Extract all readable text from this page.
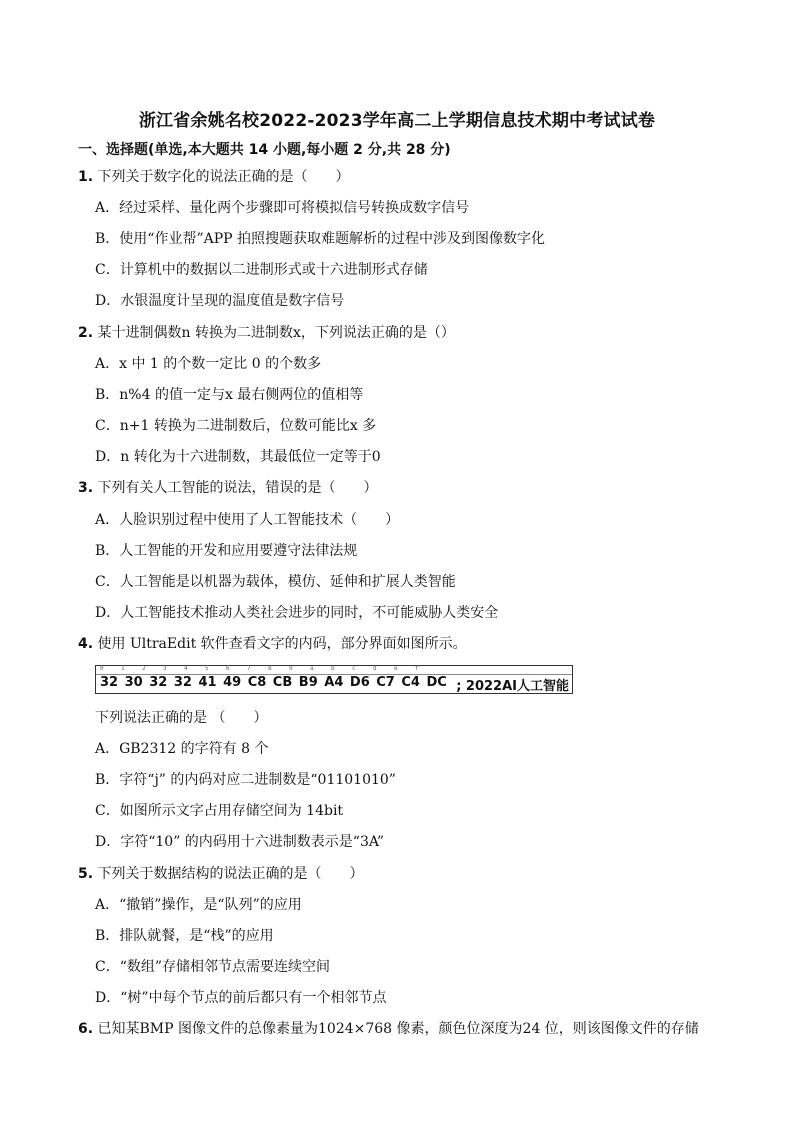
浙江省余姚名校2022-2023学年高二上学期信息技术期中考试试卷
一、选择题(单选,本大题共 14 小题,每小题 2 分,共 28 分)
1. 下列关于数字化的说法正确的是（　　）
A．经过采样、量化两个步骤即可将模拟信号转换成数字信号
B．使用“作业帮”APP 拍照搜题获取难题解析的过程中涉及到图像数字化
C．计算机中的数据以二进制形式或十六进制形式存储
D．水银温度计呈现的温度值是数字信号
2. 某十进制偶数n 转换为二进制数x，下列说法正确的是（）
A．x 中 1 的个数一定比 0 的个数多
B．n%4 的值一定与x 最右侧两位的值相等
C．n+1 转换为二进制数后，位数可能比x 多
D．n 转化为十六进制数，其最低位一定等于0
3. 下列有关人工智能的说法，错误的是（　　）
A．人脸识别过程中使用了人工智能技术（　　）
B．人工智能的开发和应用要遵守法律法规
C．人工智能是以机器为载体，模仿、延伸和扩展人类智能
D．人工智能技术推动人类社会进步的同时，不可能威胁人类安全
4. 使用 UltraEdit 软件查看文字的内码，部分界面如图所示。

0

	1

	2

	3

	4

	5

	6

	7

	8

	9

	a

	b

	c

	d

	e

	f

32 30 32 32 41 49 C8 CB B9 A4 D6 C7 C4 DC ; 2022AI人工智能
下列说法正确的是 （　　）
A．GB2312 的字符有 8 个
B．字符“j” 的内码对应二进制数是“01101010”
C．如图所示文字占用存储空间为 14bit
D．字符“10” 的内码用十六进制数表示是“3A”
5. 下列关于数据结构的说法正确的是（　　）
A．“撤销”操作，是“队列”的应用
B．排队就餐，是“栈”的应用
C．“数组”存储相邻节点需要连续空间
D．“树”中每个节点的前后都只有一个相邻节点
6. 已知某BMP 图像文件的总像素量为1024×768 像素，颜色位深度为24 位，则该图像文件的存储
